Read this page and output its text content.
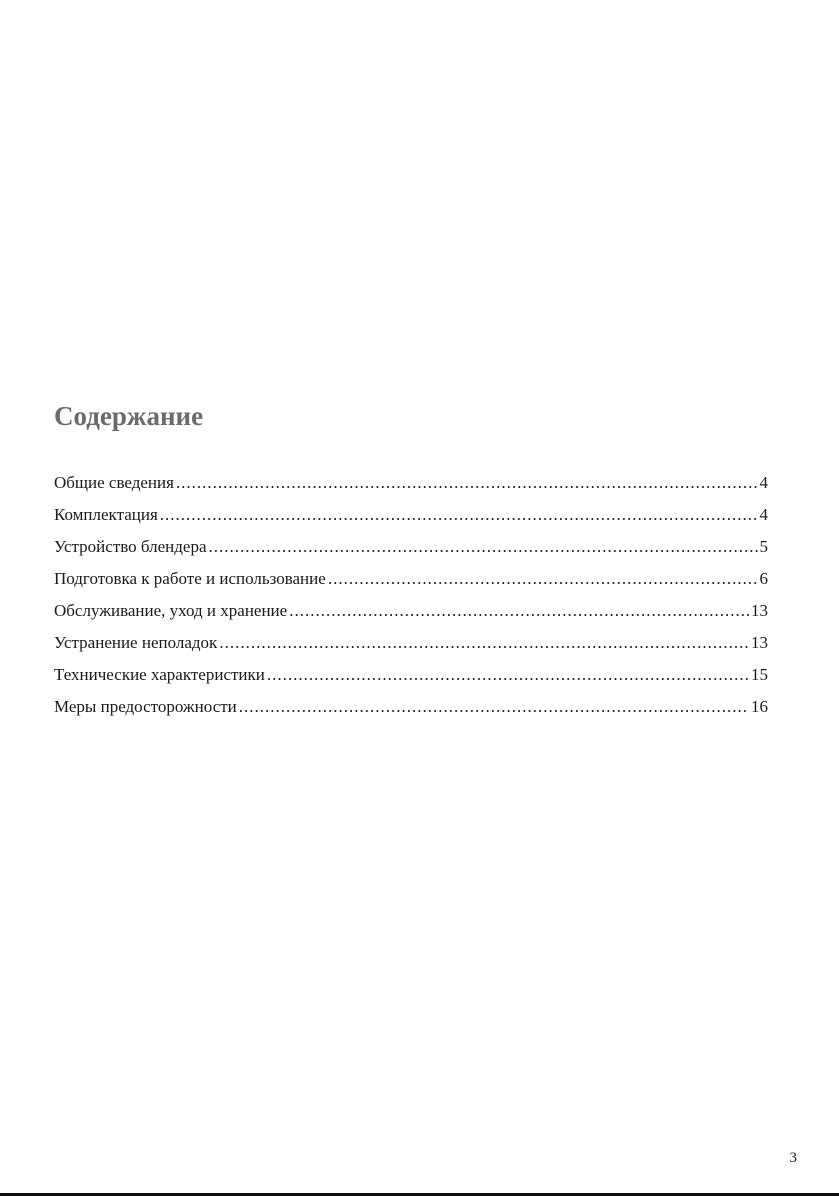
Содержание
Общие сведения .....	4
Комплектация .....	4
Устройство блендера .....	5
Подготовка к работе и использование .....	6
Обслуживание, уход и хранение .....	13
Устранение неполадок .....	13
Технические характеристики .....	15
Меры предосторожности .....	16
3
